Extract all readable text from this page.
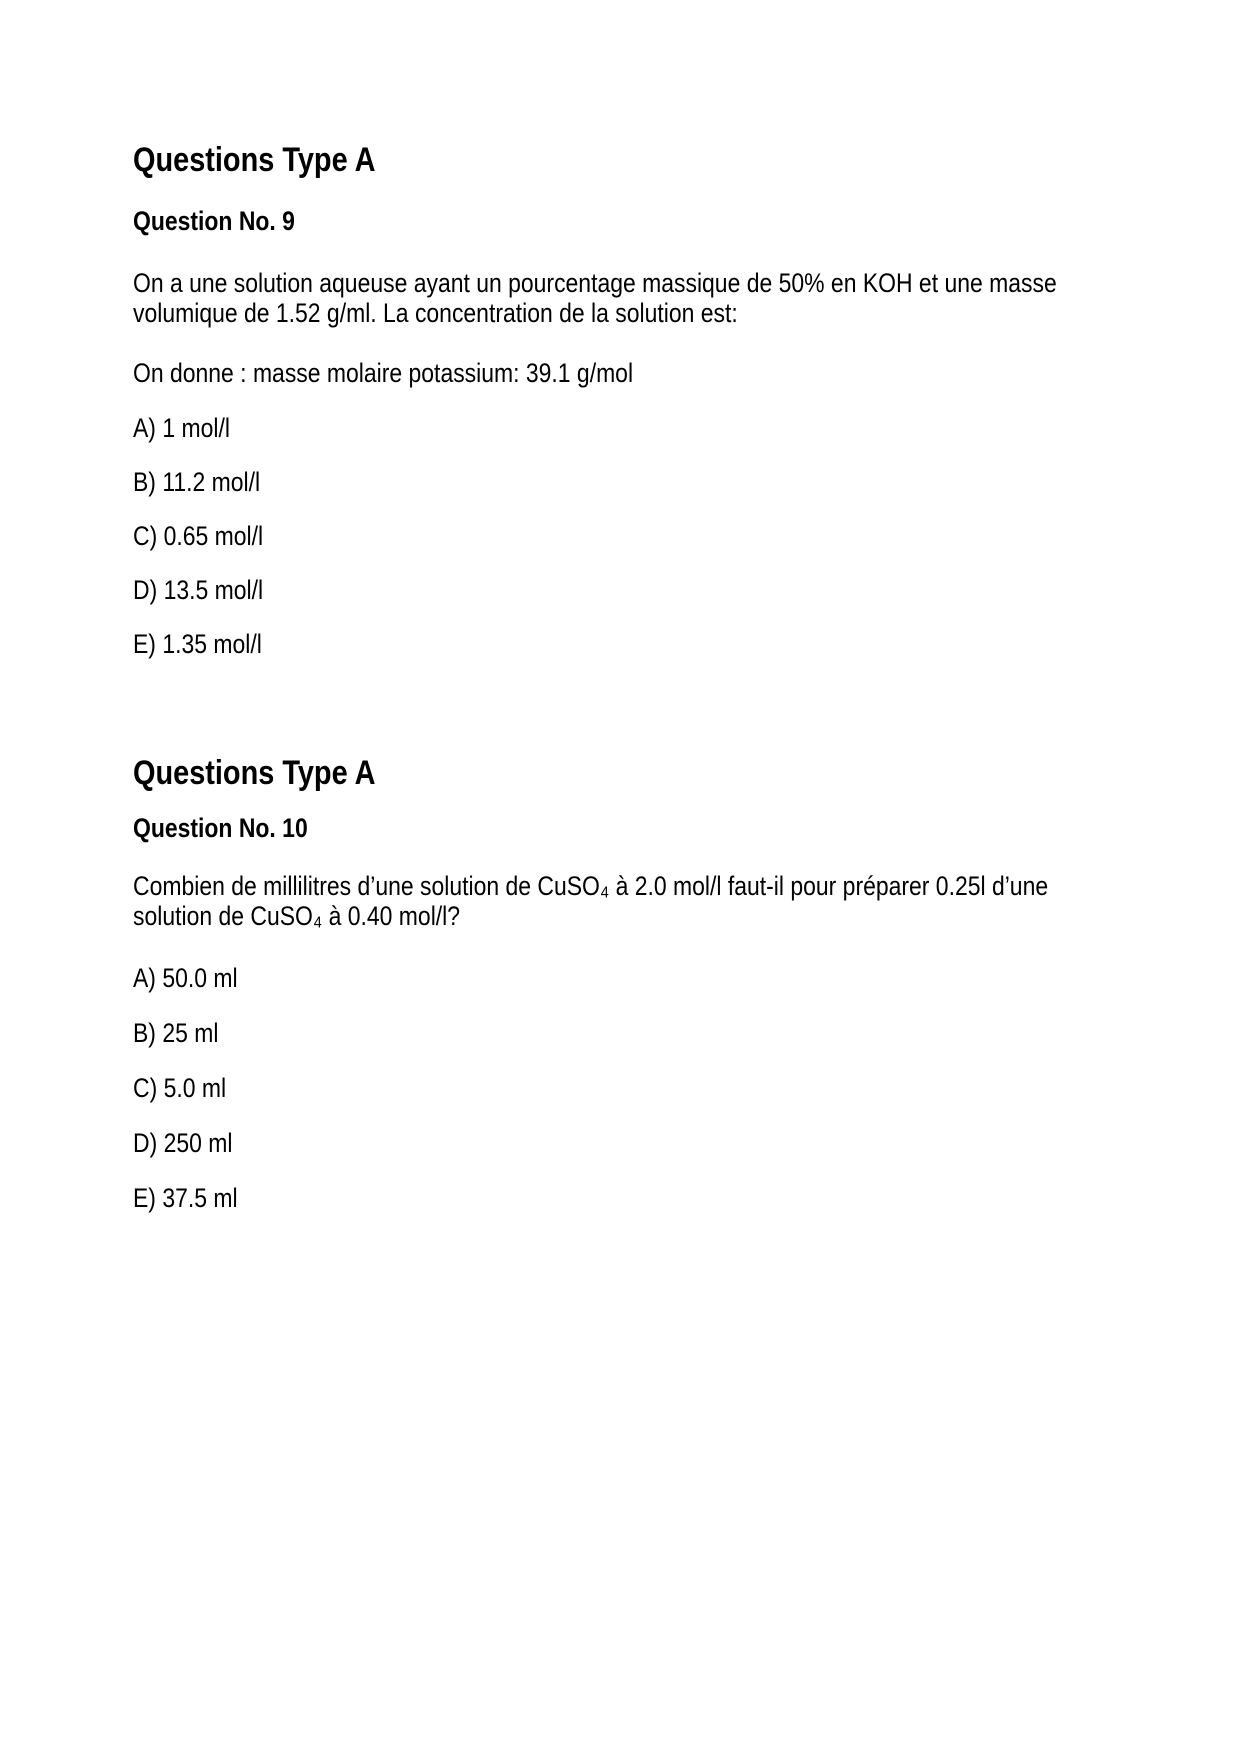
Questions Type A
Question No. 9
On a une solution aqueuse ayant un pourcentage massique de 50% en KOH et une masse
volumique de 1.52 g/ml. La concentration de la solution est:
On donne : masse molaire potassium: 39.1 g/mol
A) 1 mol/l
B) 11.2 mol/l
C) 0.65 mol/l
D) 13.5 mol/l
E) 1.35 mol/l
Questions Type A
Question No. 10
Combien de millilitres d’une solution de CuSO₄ à 2.0 mol/l faut-il pour préparer 0.25l d’une
solution de CuSO₄ à 0.40 mol/l?
A) 50.0 ml
B) 25 ml
C) 5.0 ml
D) 250 ml
E) 37.5 ml
